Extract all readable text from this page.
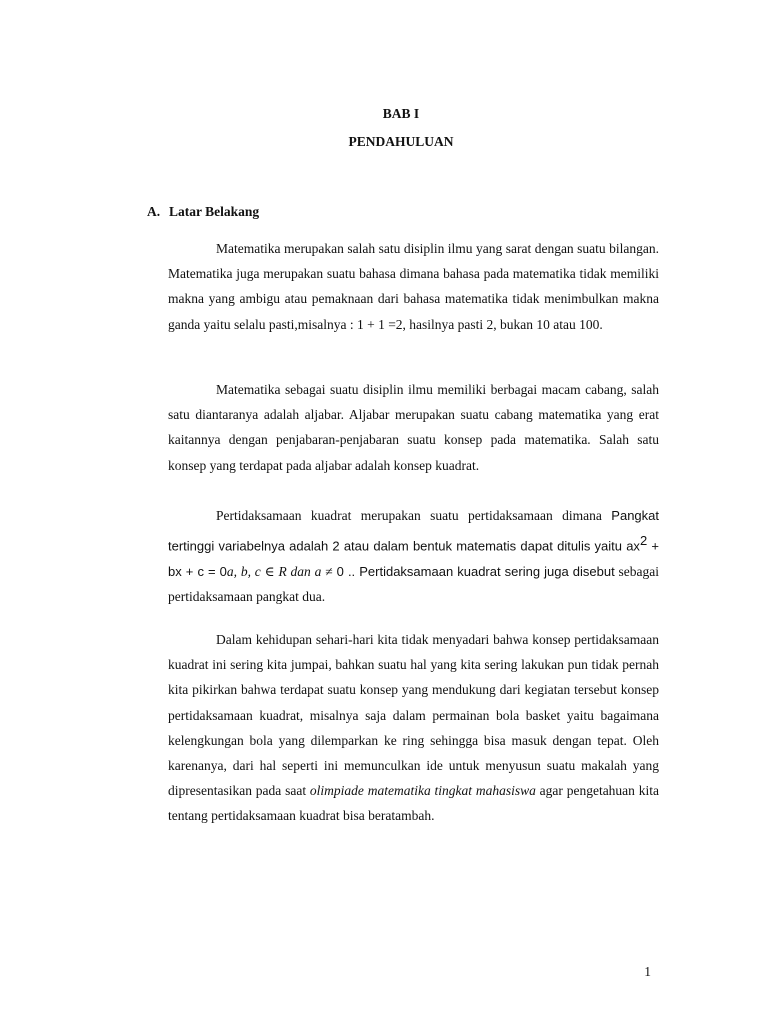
BAB I

PENDAHULUAN

A. Latar Belakang

Matematika merupakan salah satu disiplin ilmu yang sarat dengan suatu bilangan. Matematika juga merupakan suatu bahasa dimana bahasa pada matematika tidak memiliki makna yang ambigu atau pemaknaan dari bahasa matematika tidak menimbulkan makna ganda yaitu selalu pasti,misalnya : 1 + 1 =2, hasilnya pasti 2, bukan 10 atau 100.

Matematika sebagai suatu disiplin ilmu memiliki berbagai macam cabang, salah satu diantaranya adalah aljabar. Aljabar merupakan suatu cabang matematika yang erat kaitannya dengan penjabaran-penjabaran suatu konsep pada matematika. Salah satu konsep yang terdapat pada aljabar adalah konsep kuadrat.

Pertidaksamaan kuadrat merupakan suatu pertidaksamaan dimana Pangkat tertinggi variabelnya adalah 2 atau dalam bentuk matematis dapat ditulis yaitu $ax^2$ + bx + c = 0a, b, c ∈ R dan a ≠ 0 .. Pertidaksamaan kuadrat sering juga disebut sebagai pertidaksamaan pangkat dua.

Dalam kehidupan sehari-hari kita tidak menyadari bahwa konsep pertidaksamaan kuadrat ini sering kita jumpai, bahkan suatu hal yang kita sering lakukan pun tidak pernah kita pikirkan bahwa terdapat suatu konsep yang mendukung dari kegiatan tersebut konsep pertidaksamaan kuadrat, misalnya saja dalam permainan bola basket yaitu bagaimana kelengkungan bola yang dilemparkan ke ring sehingga bisa masuk dengan tepat. Oleh karenanya, dari hal seperti ini memunculkan ide untuk menyusun suatu makalah yang dipresentasikan pada saat olimpiade matematika tingkat mahasiswa agar pengetahuan kita tentang pertidaksamaan kuadrat bisa beratambah.

1
